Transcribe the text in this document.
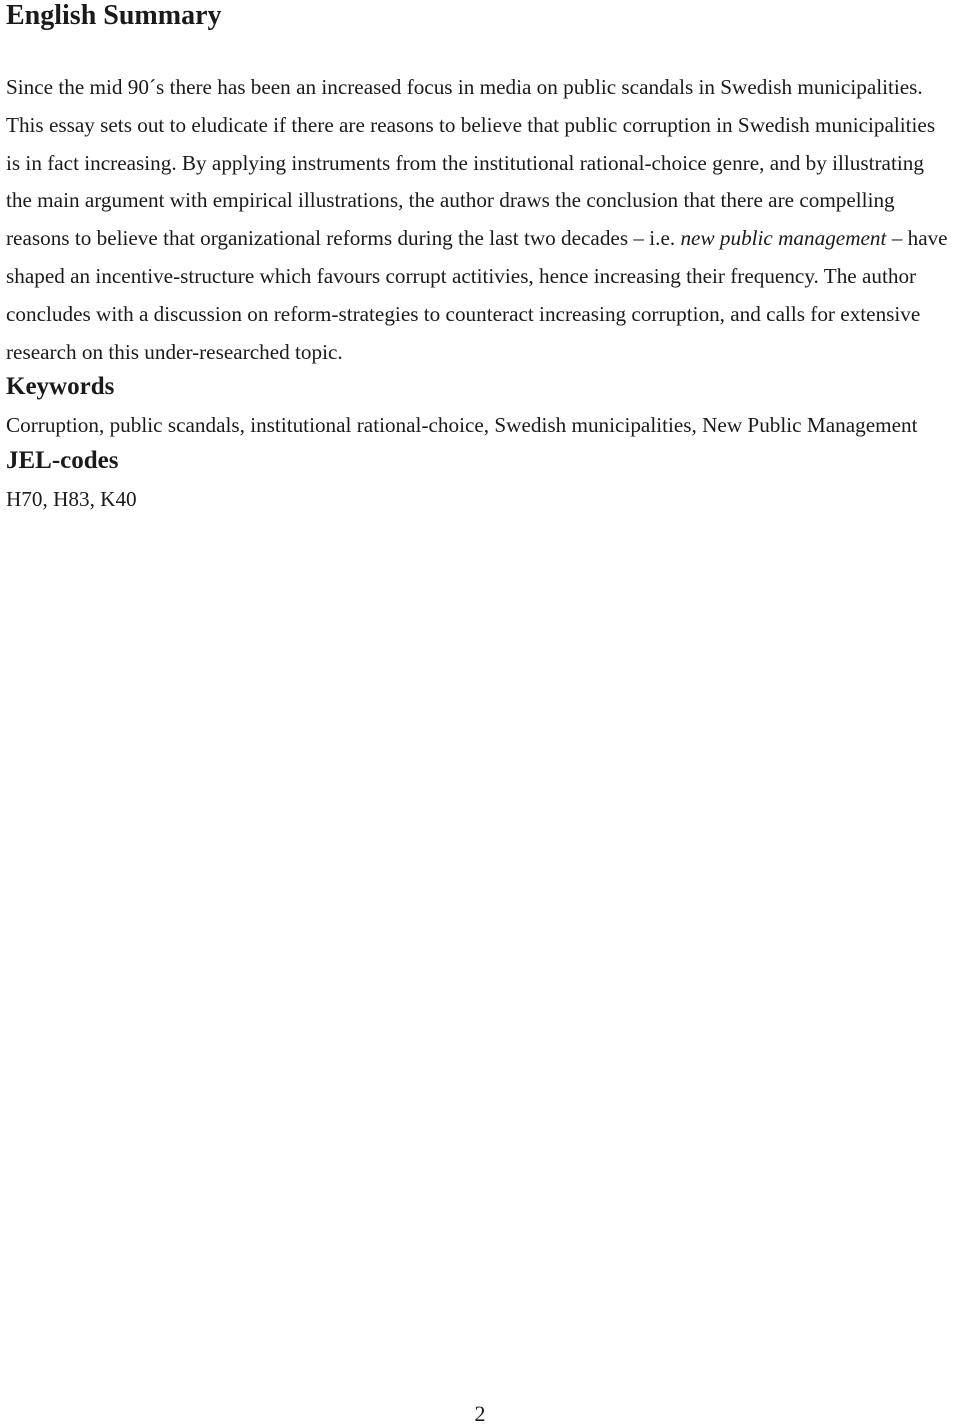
English Summary

Since the mid 90´s there has been an increased focus in media on public scandals in Swedish municipalities. This essay sets out to eludicate if there are reasons to believe that public corruption in Swedish municipalities is in fact increasing. By applying instruments from the institutional rational-choice genre, and by illustrating the main argument with empirical illustrations, the author draws the conclusion that there are compelling reasons to believe that organizational reforms during the last two decades – i.e. new public management – have shaped an incentive-structure which favours corrupt actitivies, hence increasing their frequency. The author concludes with a discussion on reform-strategies to counteract increasing corruption, and calls for extensive research on this under-researched topic.

Keywords
Corruption, public scandals, institutional rational-choice, Swedish municipalities, New Public Management
JEL-codes
H70, H83, K40
2
